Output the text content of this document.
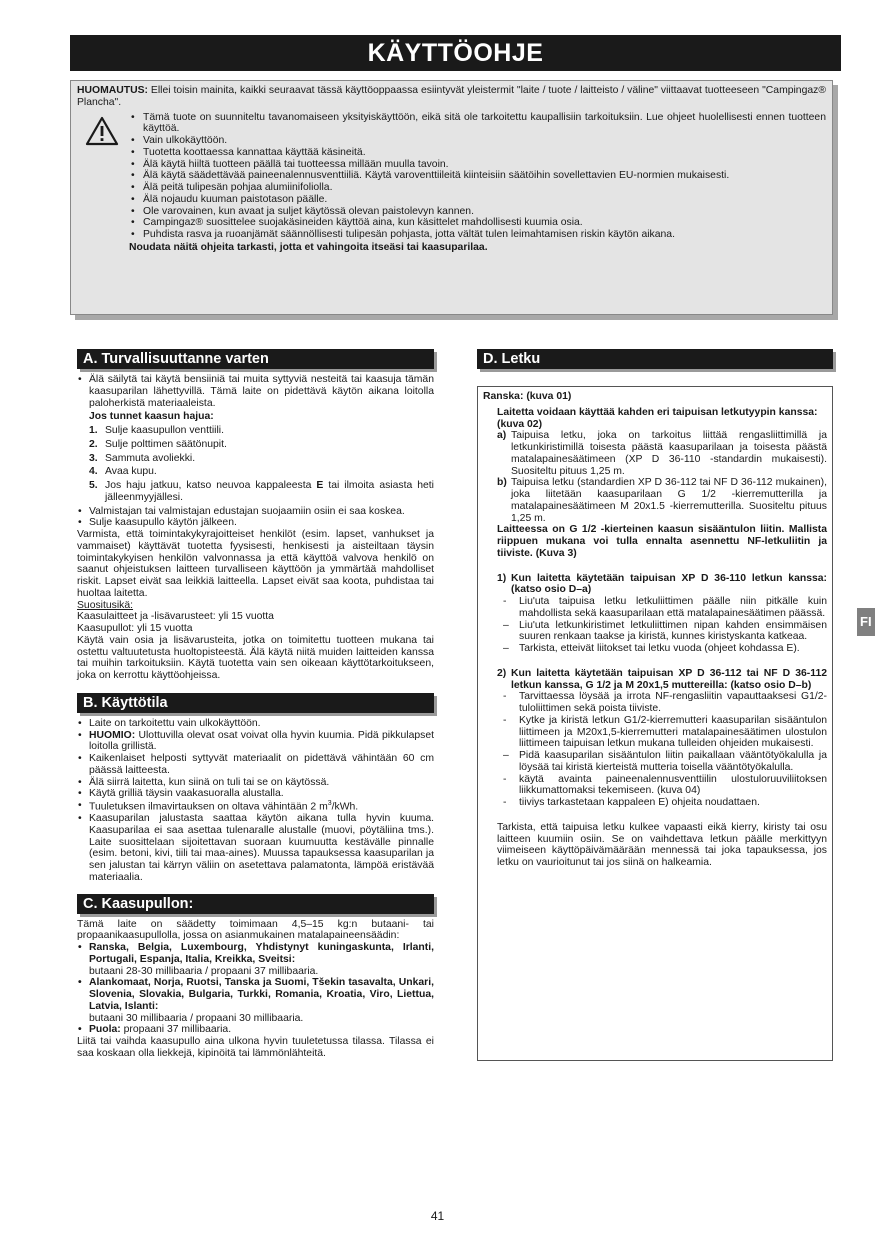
KÄYTTÖOHJE
HUOMAUTUS: Ellei toisin mainita, kaikki seuraavat tässä käyttöoppaassa esiintyvät yleistermit "laite / tuote / laitteisto / väline" viittaavat tuotteeseen "Campingaz® Plancha".
• Tämä tuote on suunniteltu tavanomaiseen yksityiskäyttöön, eikä sitä ole tarkoitettu kaupallisiin tarkoituksiin. Lue ohjeet huolellisesti ennen tuotteen käyttöä.
• Vain ulkokäyttöön.
• Tuotetta koottaessa kannattaa käyttää käsineitä.
• Älä käytä hiiltä tuotteen päällä tai tuotteessa millään muulla tavoin.
• Älä käytä säädettävää paineenalennusventtiiliä. Käytä varoventtiileitä kiinteisiin säätöihin sovellettavien EU-normien mukaisesti.
• Älä peitä tulipesän pohjaa alumiinifoliolla.
• Älä nojaudu kuuman paistotason päälle.
• Ole varovainen, kun avaat ja suljet käytössä olevan paistolevyn kannen.
• Campingaz® suosittelee suojakäsineiden käyttöä aina, kun käsittelet mahdollisesti kuumia osia.
• Puhdista rasva ja ruoanjämät säännöllisesti tulipesän pohjasta, jotta vältät tulen leimahtamisen riskin käytön aikana.
Noudata näitä ohjeita tarkasti, jotta et vahingoita itseäsi tai kaasuparilaa.
A. Turvallisuuttanne varten
• Älä säilytä tai käytä bensiiniä tai muita syttyviä nesteitä tai kaasuja tämän kaasuparilan lähettyvillä. Tämä laite on pidettävä käytön aikana loitolla paloherkistä materiaaleista.
Jos tunnet kaasun hajua:
1. Sulje kaasupullon venttiili.
2. Sulje polttimen säätönupit.
3. Sammuta avoliekki.
4. Avaa kupu.
5. Jos haju jatkuu, katso neuvoa kappaleesta E tai ilmoita asiasta heti jälleenmyyjällesi.
• Valmistajan tai valmistajan edustajan suojaamiin osiin ei saa koskea.
• Sulje kaasupullo käytön jälkeen.

Varmista, että toimintakykyrajoitteiset henkilöt (esim. lapset, vanhukset ja vammaiset) käyttävät tuotetta fyysisesti, henkisesti ja aisteiltaan täysin toimintakykyisen henkilön valvonnassa ja että käyttöä valvova henkilö on saanut ohjeistuksen laitteen turvalliseen käyttöön ja ymmärtää mahdolliset riskit. Lapset eivät saa leikkiä laitteella. Lapset eivät saa koota, puhdistaa tai huoltaa laitetta.

Suositusikä:
Kaasulaitteet ja -lisävarusteet: yli 15 vuotta
Kaasupullot: yli 15 vuotta

Käytä vain osia ja lisävarusteita, jotka on toimitettu tuotteen mukana tai ostettu valtuutetusta huoltopisteestä. Älä käytä niitä muiden laitteiden kanssa tai muihin tarkoituksiin. Käytä tuotetta vain sen oikeaan käyttötarkoitukseen, joka on kerrottu käyttöohjeissa.

B. Käyttötila
• Laite on tarkoitettu vain ulkokäyttöön.
• HUOMIO: Ulottuvilla olevat osat voivat olla hyvin kuumia. Pidä pikkulapset loitolla grillistä.
• Kaikenlaiset helposti syttyvät materiaalit on pidettävä vähintään 60 cm päässä laitteesta.
• Älä siirrä laitetta, kun siinä on tuli tai se on käytössä.
• Käytä grilliä täysin vaakasuoralla alustalla.
• Tuuletuksen ilmavirtauksen on oltava vähintään 2 $m^3$/kWh.
• Kaasuparilan jalustasta saattaa käytön aikana tulla hyvin kuuma. Kaasuparilaa ei saa asettaa tulenaralle alustalle (muovi, pöytäliina tms.). Laite suosittelaan sijoitettavan suoraan kuumuutta kestävälle pinnalle (esim. betoni, kivi, tiili tai maa-aines). Muussa tapauksessa kaasuparilan ja sen jalustan tai kärryn väliin on asetettava palamatonta, lämpöä eristävää materiaalia.
C. Kaasupullon:

Tämä laite on säädetty toimimaan 4,5–15 kg:n butaani- tai propaanikaasupullolla, jossa on asianmukainen matalapaineensäädin:

• Ranska, Belgia, Luxembourg, Yhdistynyt kuningaskunta, Irlanti, Portugali, Espanja, Italia, Kreikka, Sveitsi:
butaani 28-30 millibaaria / propaani 37 millibaaria.
• Alankomaat, Norja, Ruotsi, Tanska ja Suomi, Tšekin tasavalta, Unkari, Slovenia, Slovakia, Bulgaria, Turkki, Romania, Kroatia, Viro, Liettua, Latvia, Islanti:
butaani 30 millibaaria / propaani 30 millibaaria.
• Puola: propaani 37 millibaaria.

Liitä tai vaihda kaasupullo aina ulkona hyvin tuuletetussa tilassa. Tilassa ei saa koskaan olla liekkejä, kipinöitä tai lämmönlähteitä.

D. Letku
Ranska: (kuva 01)
Laitetta voidaan käyttää kahden eri taipuisan letkutyypin kanssa: (kuva 02)
a) Taipuisa letku, joka on tarkoitus liittää rengasliittimillä ja letkunkiristimillä toisesta päästä kaasuparilaan ja toisesta päästä matalapainesäätimeen (XP D 36-110 -standardin mukaisesti). Suositeltu pituus 1,25 m.
b) Taipuisa letku (standardien XP D 36-112 tai NF D 36-112 mukainen), joka liitetään kaasuparilaan G 1/2 -kierremutterilla ja matalapainesäätimeen M 20x1.5 -kierremutterilla. Suositeltu pituus 1,25 m.
Laitteessa on G 1/2 -kierteinen kaasun sisääntulon liitin. Mallista riippuen mukana voi tulla ennalta asennettu NF-letkuliitin ja tiiviste. (Kuva 3)
1) Kun laitetta käytetään taipuisan XP D 36-110 letkun kanssa: (katso osio D–a)
- Liu'uta taipuisa letku letkuliittimen päälle niin pitkälle kuin mahdollista sekä kaasuparilaan että matalapainesäätimen päässä.
– Liu'uta letkunkiristimet letkuliittimen nipan kahden ensimmäisen suuren renkaan taakse ja kiristä, kunnes kiristyskanta katkeaa.
– Tarkista, etteivät liitokset tai letku vuoda (ohjeet kohdassa E).
2) Kun laitetta käytetään taipuisan XP D 36-112 tai NF D 36-112 letkun kanssa, G 1/2 ja M 20x1,5 muttereilla: (katso osio D–b)
- Tarvittaessa löysää ja irrota NF-rengasliitin vapauttaaksesi G1/2- tuloliittimen sekä poista tiiviste.
- Kytke ja kiristä letkun G1/2-kierremutteri kaasuparilan sisääntulon liittimeen ja M20x1,5-kierremutteri matalapainesäätimen ulostulon liittimeen taipuisan letkun mukana tulleiden ohjeiden mukaisesti.
– Pidä kaasuparilan sisääntulon liitin paikallaan vääntötyökalulla ja löysää tai kiristä kierteistä mutteria toisella vääntötyökalulla.
- käytä avainta paineenalennusventtiilin ulostuloruuviliitoksen liikkumattomaksi tekemiseen. (kuva 04)
- tiiviys tarkastetaan kappaleen E) ohjeita noudattaen.

Tarkista, että taipuisa letku kulkee vapaasti eikä kierry, kiristy tai osu laitteen kuumiin osiin. Se on vaihdettava letkun päälle merkittyyn viimeiseen käyttöpäivämäärään mennessä tai joka tapauksessa, jos letku on vaurioitunut tai jos siinä on halkeamia.

FI
41
